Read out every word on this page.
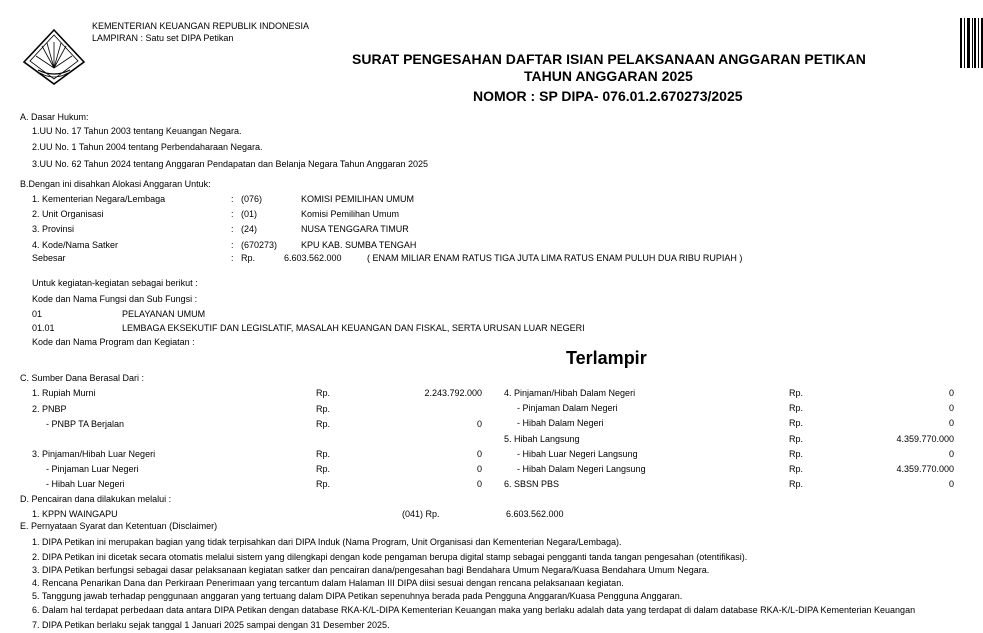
KEMENTERIAN KEUANGAN REPUBLIK INDONESIA
LAMPIRAN : Satu set DIPA Petikan
SURAT PENGESAHAN DAFTAR ISIAN PELAKSANAAN ANGGARAN PETIKAN
TAHUN ANGGARAN 2025
NOMOR : SP DIPA- 076.01.2.670273/2025
A. Dasar Hukum:
1.UU No. 17 Tahun 2003 tentang Keuangan Negara.
2.UU No. 1 Tahun 2004 tentang Perbendaharaan Negara.
3.UU No. 62 Tahun 2024 tentang Anggaran Pendapatan dan Belanja Negara Tahun Anggaran 2025
B.Dengan ini disahkan Alokasi Anggaran Untuk:
1. Kementerian Negara/Lembaga	: (076)	KOMISI PEMILIHAN UMUM
2. Unit Organisasi	: (01)	Komisi Pemilihan Umum
3. Provinsi	: (24)	NUSA TENGGARA TIMUR
4. Kode/Nama Satker	: (670273)	KPU KAB. SUMBA TENGAH
Sebesar	: Rp.	6.603.562.000	( ENAM MILIAR ENAM RATUS TIGA JUTA LIMA RATUS ENAM PULUH DUA RIBU RUPIAH )
Untuk kegiatan-kegiatan sebagai berikut :
Kode dan Nama Fungsi dan Sub Fungsi :
01	PELAYANAN UMUM
01.01	LEMBAGA EKSEKUTIF DAN LEGISLATIF, MASALAH KEUANGAN DAN FISKAL, SERTA URUSAN LUAR NEGERI
Kode dan Nama Program dan Kegiatan :
Terlampir
C. Sumber Dana Berasal Dari :
1. Rupiah Murni	Rp.	2.243.792.000
2. PNBP	Rp.
- PNBP TA Berjalan	Rp.	0
3. Pinjaman/Hibah Luar Negeri	Rp.	0
- Pinjaman Luar Negeri	Rp.	0
- Hibah Luar Negeri	Rp.	0
4. Pinjaman/Hibah Dalam Negeri	Rp.	0
- Pinjaman Dalam Negeri	Rp.	0
- Hibah Dalam Negeri	Rp.	0
5. Hibah Langsung	Rp.	4.359.770.000
- Hibah Luar Negeri Langsung	Rp.	0
- Hibah Dalam Negeri Langsung	Rp.	4.359.770.000
6. SBSN PBS	Rp.	0
D. Pencairan dana dilakukan melalui :
1. KPPN WAINGAPU	(041) Rp.	6.603.562.000
E. Pernyataan Syarat dan Ketentuan (Disclaimer)
1. DIPA Petikan ini merupakan bagian yang tidak terpisahkan dari DIPA Induk (Nama Program, Unit Organisasi dan Kementerian Negara/Lembaga).
2. DIPA Petikan ini dicetak secara otomatis melalui sistem yang dilengkapi dengan kode pengaman berupa digital stamp sebagai pengganti tanda tangan pengesahan (otentifikasi).
3. DIPA Petikan berfungsi sebagai dasar pelaksanaan kegiatan satker dan pencairan dana/pengesahan bagi Bendahara Umum Negara/Kuasa Bendahara Umum Negara.
4. Rencana Penarikan Dana dan Perkiraan Penerimaan yang tercantum dalam Halaman III DIPA diisi sesuai dengan rencana pelaksanaan kegiatan.
5. Tanggung jawab terhadap penggunaan anggaran yang tertuang dalam DIPA Petikan sepenuhnya berada pada Pengguna Anggaran/Kuasa Pengguna Anggaran.
6. Dalam hal terdapat perbedaan data antara DIPA Petikan dengan database RKA-K/L-DIPA Kementerian Keuangan maka yang berlaku adalah data yang terdapat di dalam database RKA-K/L-DIPA Kementerian Keuangan
7. DIPA Petikan berlaku sejak tanggal 1 Januari 2025 sampai dengan 31 Desember 2025.
